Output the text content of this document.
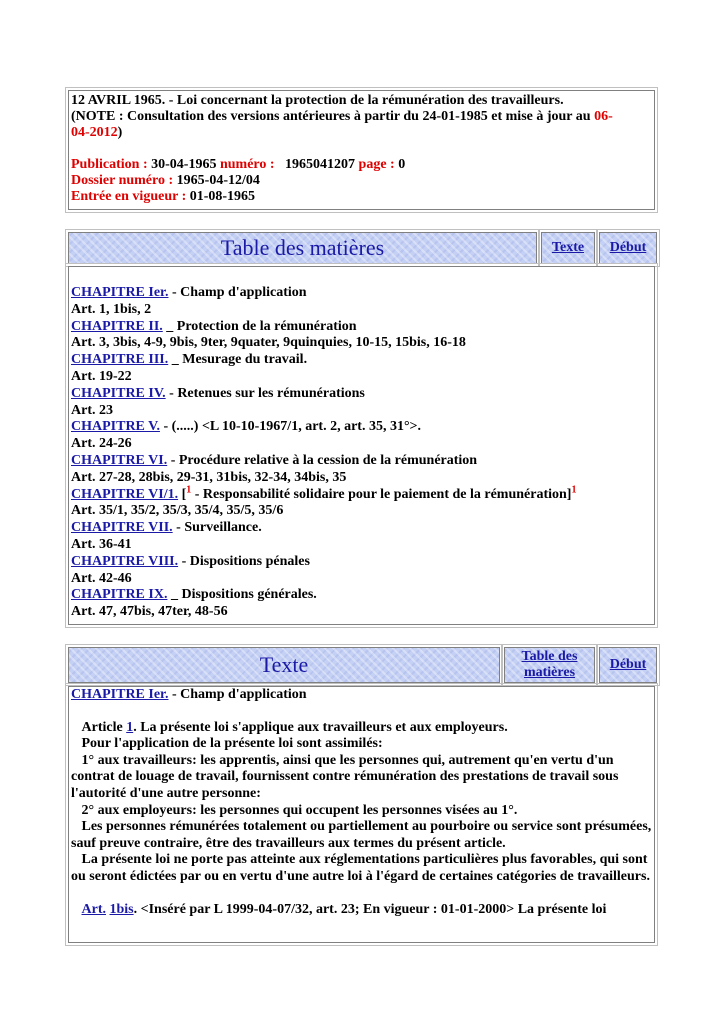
12 AVRIL 1965. - Loi concernant la protection de la rémunération des travailleurs.
(NOTE : Consultation des versions antérieures à partir du 24-01-1985 et mise à jour au 06-
04-2012)
Publication : 30-04-1965 numéro :   1965041207 page : 0
Dossier numéro : 1965-04-12/04
Entrée en vigueur : 01-08-1965
Table des matières	Texte Début
CHAPITRE Ier. - Champ d'application
Art. 1, 1bis, 2
CHAPITRE II. _ Protection de la rémunération
Art. 3, 3bis, 4-9, 9bis, 9ter, 9quater, 9quinquies, 10-15, 15bis, 16-18
CHAPITRE III. _ Mesurage du travail.
Art. 19-22
CHAPITRE IV. - Retenues sur les rémunérations
Art. 23
CHAPITRE V. - (.....) <L 10-10-1967/1, art. 2, art. 35, 31°>.
Art. 24-26
CHAPITRE VI. - Procédure relative à la cession de la rémunération
Art. 27-28, 28bis, 29-31, 31bis, 32-34, 34bis, 35
CHAPITRE VI/1. [$^1$ - Responsabilité solidaire pour le paiement de la rémunération]$^1$
Art. 35/1, 35/2, 35/3, 35/4, 35/5, 35/6
CHAPITRE VII. - Surveillance.
Art. 36-41
CHAPITRE VIII. - Dispositions pénales
Art. 42-46
CHAPITRE IX. _ Dispositions générales.
Art. 47, 47bis, 47ter, 48-56
Texte	Table des matières
Début
CHAPITRE Ier. - Champ d'application

Article 1. La présente loi s'applique aux travailleurs et aux employeurs.

Pour l'application de la présente loi sont assimilés:

1° aux travailleurs: les apprentis, ainsi que les personnes qui, autrement qu'en vertu d'un contrat de louage de travail, fournissent contre rémunération des prestations de travail sous l'autorité d'une autre personne:

2° aux employeurs: les personnes qui occupent les personnes visées au 1°.

Les personnes rémunérées totalement ou partiellement au pourboire ou service sont présumées, sauf preuve contraire, être des travailleurs aux termes du présent article.

La présente loi ne porte pas atteinte aux réglementations particulières plus favorables, qui sont ou seront édictées par ou en vertu d'une autre loi à l'égard de certaines catégories de travailleurs.

Art. 1bis. <Inséré par L 1999-04-07/32, art. 23; En vigueur : 01-01-2000> La présente loi
